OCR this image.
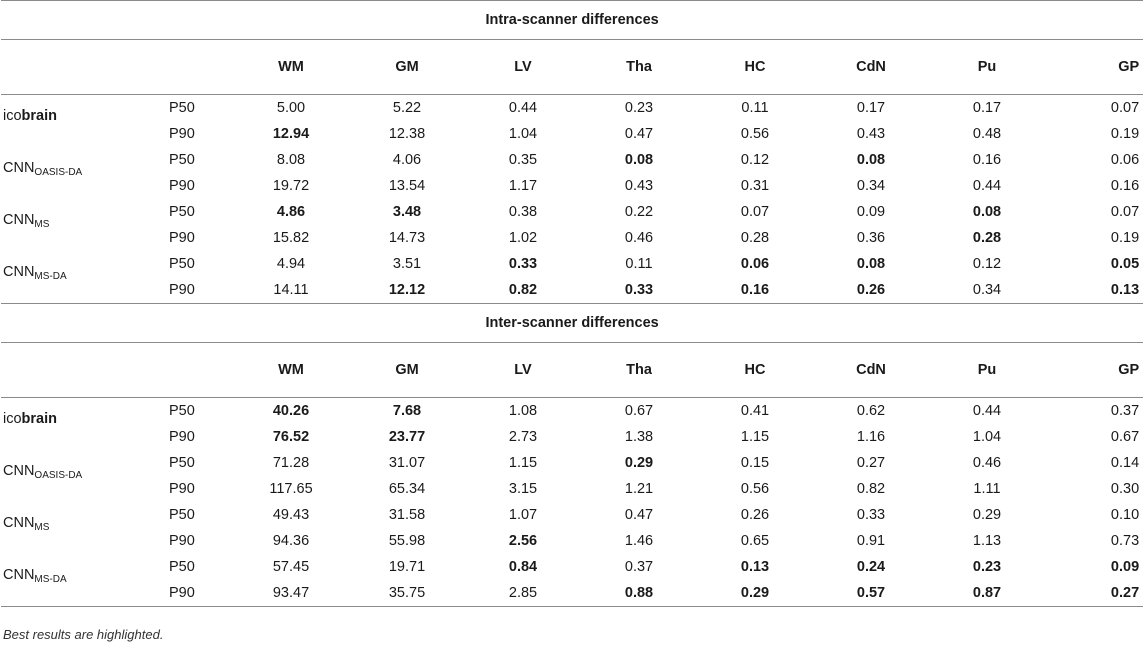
Intra-scanner differences									
		WM	GM	LV	Tha	HC	CdN	Pu	GP

icobrain	P50	5.00	5.22	0.44	0.23	0.11	0.17	0.17	0.07
	P90	12.94	12.38	1.04	0.47	0.56	0.43	0.48	0.19

$CNN_{OASIS-DA}$	P50	8.08	4.06	0.35	0.08	0.12	0.08	0.16	0.06
	P90	19.72	13.54	1.17	0.43	0.31	0.34	0.44	0.16

$CNN_{MS}$	P50	4.86	3.48	0.38	0.22	0.07	0.09	0.08	0.07
	P90	15.82	14.73	1.02	0.46	0.28	0.36	0.28	0.19

$CNN_{MS-DA}$	P50	4.94	3.51	0.33	0.11	0.06	0.08	0.12	0.05
	P90	14.11	12.12	0.82	0.33	0.16	0.26	0.34	0.13
Inter-scanner differences									
		WM	GM	LV	Tha	HC	CdN	Pu	GP

icobrain	P50	40.26	7.68	1.08	0.67	0.41	0.62	0.44	0.37
	P90	76.52	23.77	2.73	1.38	1.15	1.16	1.04	0.67

$CNN_{OASIS-DA}$	P50	71.28	31.07	1.15	0.29	0.15	0.27	0.46	0.14
	P90	117.65	65.34	3.15	1.21	0.56	0.82	1.11	0.30

$CNN_{MS}$	P50	49.43	31.58	1.07	0.47	0.26	0.33	0.29	0.10
	P90	94.36	55.98	2.56	1.46	0.65	0.91	1.13	0.73

$CNN_{MS-DA}$	P50	57.45	19.71	0.84	0.37	0.13	0.24	0.23	0.09
	P90	93.47	35.75	2.85	0.88	0.29	0.57	0.87	0.27
Best results are highlighted.
